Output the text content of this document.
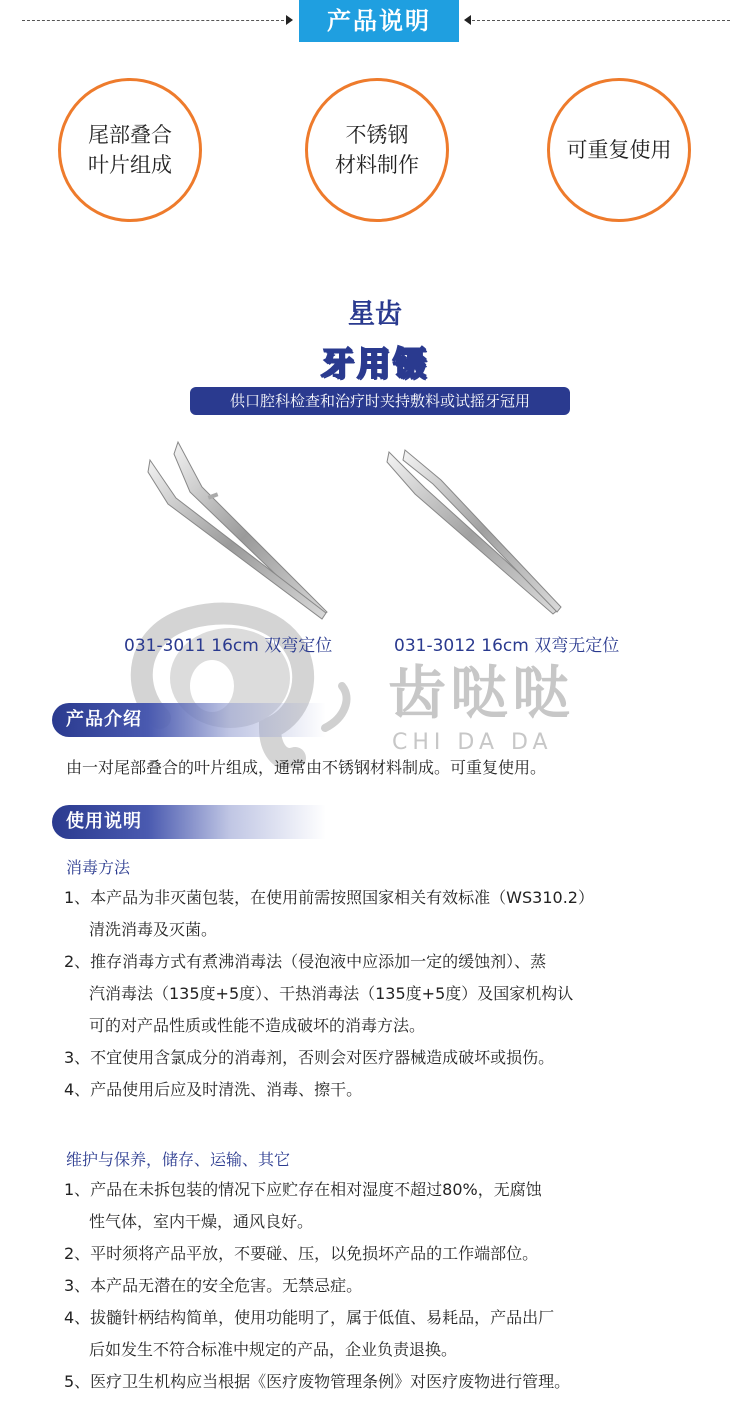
产品说明
尾部叠合
叶片组成
不锈钢
材料制作
可重复使用
星齿
牙用镊
供口腔科检查和治疗时夹持敷料或试摇牙冠用
齿哒哒
CHI DA DA
031-3011 16cm 双弯定位	031-3012 16cm 双弯无定位
产品介绍
由一对尾部叠合的叶片组成，通常由不锈钢材料制成。可重复使用。
使用说明
消毒方法
1、本产品为非灭菌包装，在使用前需按照国家相关有效标准（WS310.2）
清洗消毒及灭菌。
2、推存消毒方式有煮沸消毒法（侵泡液中应添加一定的缓蚀剂）、蒸
汽消毒法（135度+5度）、干热消毒法（135度+5度）及国家机构认
可的对产品性质或性能不造成破坏的消毒方法。
3、不宜使用含氯成分的消毒剂，否则会对医疗器械造成破坏或损伤。
4、产品使用后应及时清洗、消毒、擦干。
维护与保养，储存、运输、其它
1、产品在未拆包装的情况下应贮存在相对湿度不超过80%，无腐蚀
性气体，室内干燥，通风良好。
2、平时须将产品平放，不要碰、压，以免损坏产品的工作端部位。
3、本产品无潜在的安全危害。无禁忌症。
4、拔髓针柄结构简单，使用功能明了，属于低值、易耗品，产品出厂
后如发生不符合标准中规定的产品，企业负责退换。
5、医疗卫生机构应当根据《医疗废物管理条例》对医疗废物进行管理。
